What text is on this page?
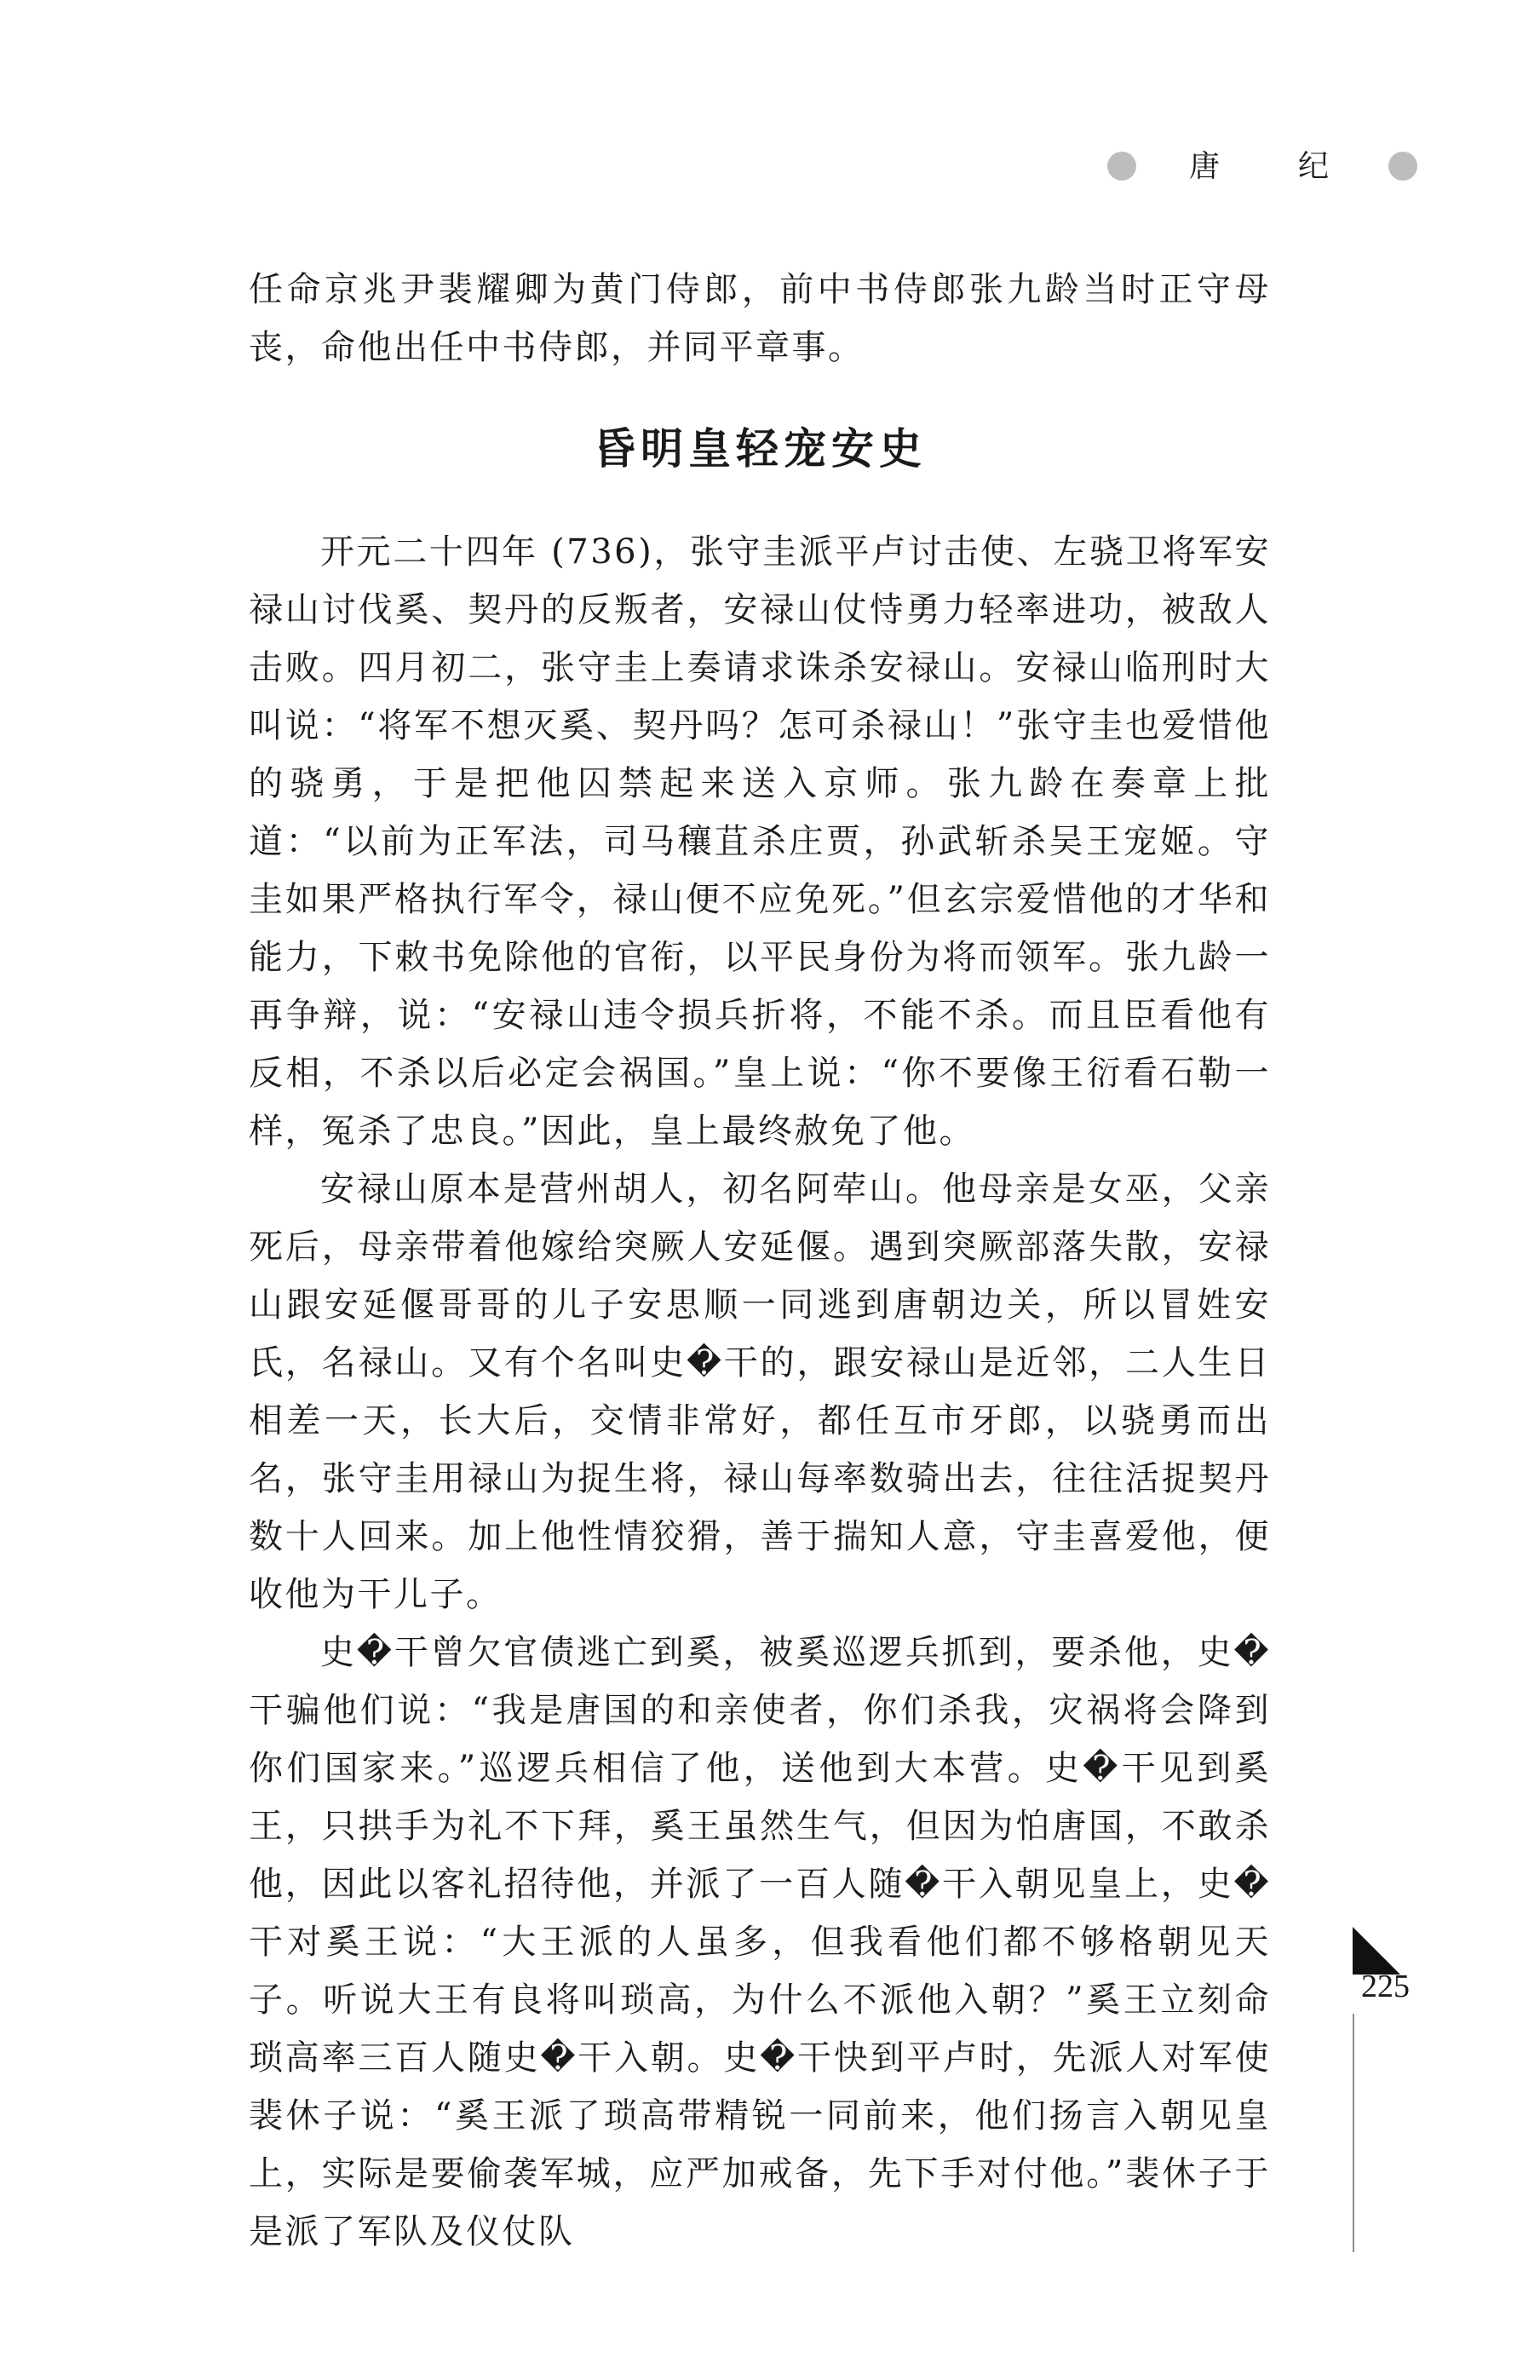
唐	纪

任命京兆尹裴耀卿为黄门侍郎，前中书侍郎张九龄当时正守母丧，命他出任中书侍郎，并同平章事。

昏明皇轻宠安史

开元二十四年 (736)，张守圭派平卢讨击使、左骁卫将军安禄山讨伐奚、契丹的反叛者，安禄山仗恃勇力轻率进功，被敌人击败。四月初二，张守圭上奏请求诛杀安禄山。安禄山临刑时大叫说：“将军不想灭奚、契丹吗？怎可杀禄山！”张守圭也爱惜他的骁勇，于是把他囚禁起来送入京师。张九龄在奏章上批道：“以前为正军法，司马穰苴杀庄贾，孙武斩杀吴王宠姬。守圭如果严格执行军令，禄山便不应免死。”但玄宗爱惜他的才华和能力，下敕书免除他的官衔，以平民身份为将而领军。张九龄一再争辩，说：“安禄山违令损兵折将，不能不杀。而且臣看他有反相，不杀以后必定会祸国。”皇上说：“你不要像王衍看石勒一样，冤杀了忠良。”因此，皇上最终赦免了他。

安禄山原本是营州胡人，初名阿荦山。他母亲是女巫，父亲死后，母亲带着他嫁给突厥人安延偃。遇到突厥部落失散，安禄山跟安延偃哥哥的儿子安思顺一同逃到唐朝边关，所以冒姓安氏，名禄山。又有个名叫史�干的，跟安禄山是近邻，二人生日相差一天，长大后，交情非常好，都任互市牙郎，以骁勇而出名，张守圭用禄山为捉生将，禄山每率数骑出去，往往活捉契丹数十人回来。加上他性情狡猾，善于揣知人意，守圭喜爱他，便收他为干儿子。

史�干曾欠官债逃亡到奚，被奚巡逻兵抓到，要杀他，史�干骗他们说：“我是唐国的和亲使者，你们杀我，灾祸将会降到你们国家来。”巡逻兵相信了他，送他到大本营。史�干见到奚王，只拱手为礼不下拜，奚王虽然生气，但因为怕唐国，不敢杀他，因此以客礼招待他，并派了一百人随�干入朝见皇上，史�干对奚王说：“大王派的人虽多，但我看他们都不够格朝见天子。听说大王有良将叫琐高，为什么不派他入朝？”奚王立刻命琐高率三百人随史�干入朝。史�干快到平卢时，先派人对军使裴休子说：“奚王派了琐高带精锐一同前来，他们扬言入朝见皇上，实际是要偷袭军城，应严加戒备，先下手对付他。”裴休子于是派了军队及仪仗队

225
